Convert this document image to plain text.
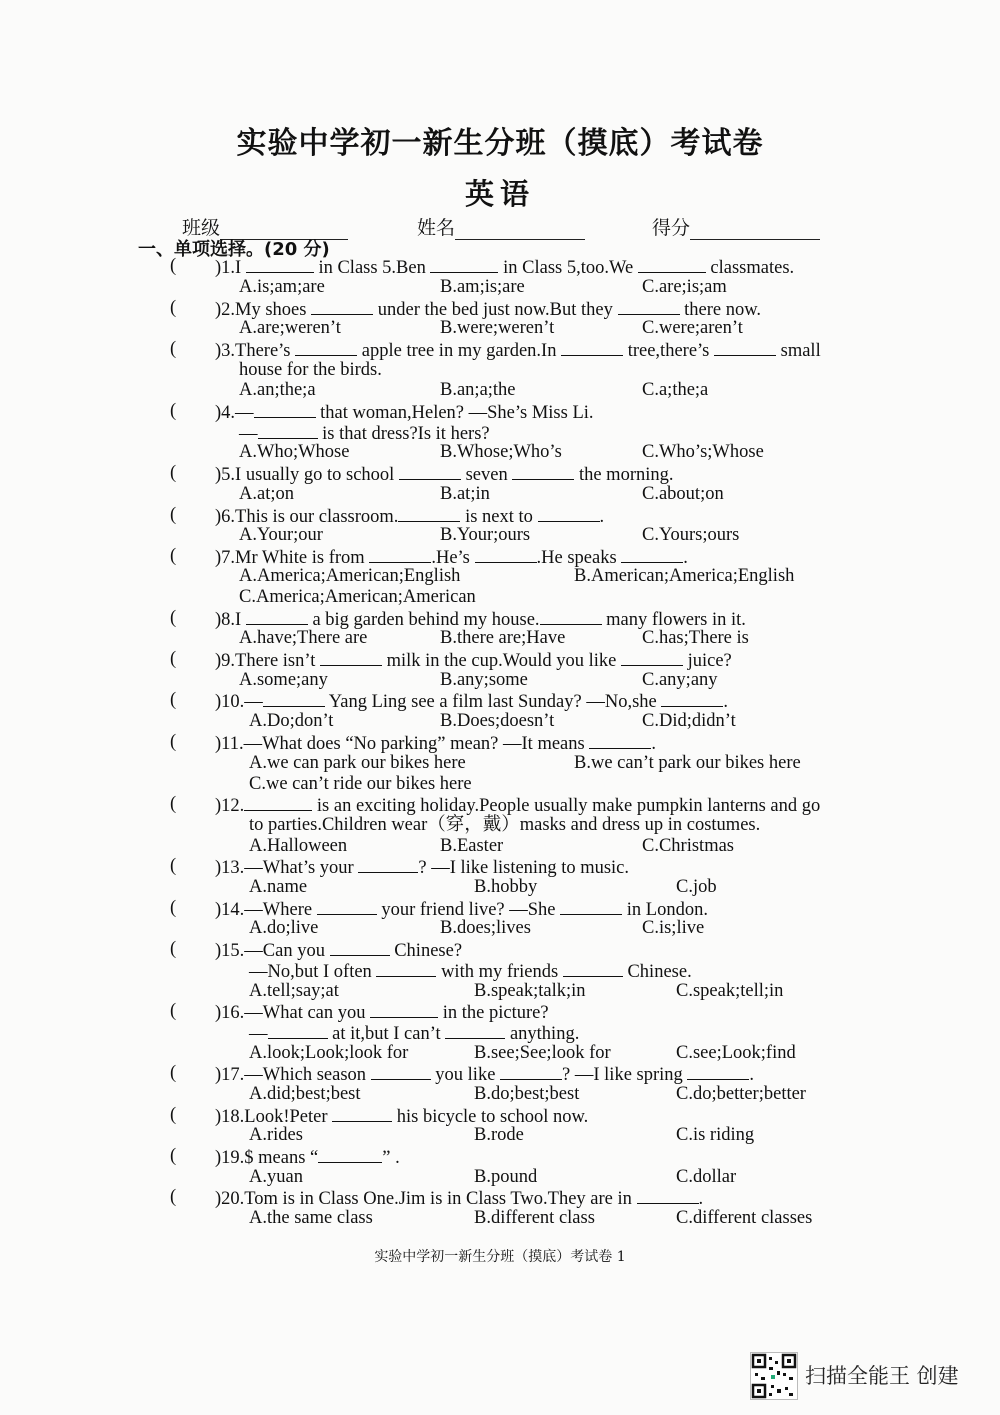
实验中学初一新生分班（摸底）考试卷
英语
班级	姓名	得分
一、单项选择。(20 分)
( )1.I	in Class 5.Ben	in Class 5,too.We	classmates.
A.is;am;are	B.am;is;are	C.are;is;am
( )2.My shoes	under the bed just now.But they	there now.
A.are;weren’t	B.were;weren’t	C.were;aren’t
( )3.There’s	apple tree in my garden.In	tree,there’s	small
house for the birds.
A.an;the;a	B.an;a;the	C.a;the;a
( )4.—	that woman,Helen? —She’s Miss Li.
—	is that dress?Is it hers?
A.Who;Whose	B.Whose;Who’s	C.Who’s;Whose
( )5.I usually go to school	seven	the morning.
A.at;on	B.at;in	C.about;on
( )6.This is our classroom.	is next to	.
A.Your;our	B.Your;ours	C.Yours;ours
( )7.Mr White is from	.He’s	.He speaks	.
A.America;American;English	B.American;America;English
C.America;American;American
( )8.I	a big garden behind my house.	many flowers in it.
A.have;There are	B.there are;Have	C.has;There is
( )9.There isn’t	milk in the cup.Would you like	juice?
A.some;any	B.any;some	C.any;any
( )10.—	Yang Ling see a film last Sunday? —No,she	.
A.Do;don’t	B.Does;doesn’t	C.Did;didn’t
( )11.—What does “No parking” mean? —It means	.
A.we can park our bikes here	B.we can’t park our bikes here
C.we can’t ride our bikes here
( )12.	is an exciting holiday.People usually make pumpkin lanterns and go
to parties.Children wear（穿，戴）masks and dress up in costumes.
A.Halloween	B.Easter	C.Christmas
( )13.—What’s your	? —I like listening to music.
A.name	B.hobby	C.job
( )14.—Where	your friend live? —She	in London.
A.do;live	B.does;lives	C.is;live
( )15.—Can you	Chinese?
—No,but I often	with my friends	Chinese.
A.tell;say;at	B.speak;talk;in	C.speak;tell;in
( )16.—What can you	in the picture?
—	at it,but I can’t	anything.
A.look;Look;look for	B.see;See;look for	C.see;Look;find
( )17.—Which season	you like	? —I like spring	.
A.did;best;best	B.do;best;best	C.do;better;better
( )18.Look!Peter	his bicycle to school now.
A.rides	B.rode	C.is riding
( )19.$ means “	” .
A.yuan	B.pound	C.dollar
( )20.Tom is in Class One.Jim is in Class Two.They are in	.
A.the same class	B.different class	C.different classes
实验中学初一新生分班（摸底）考试卷 1
扫描全能王 创建
